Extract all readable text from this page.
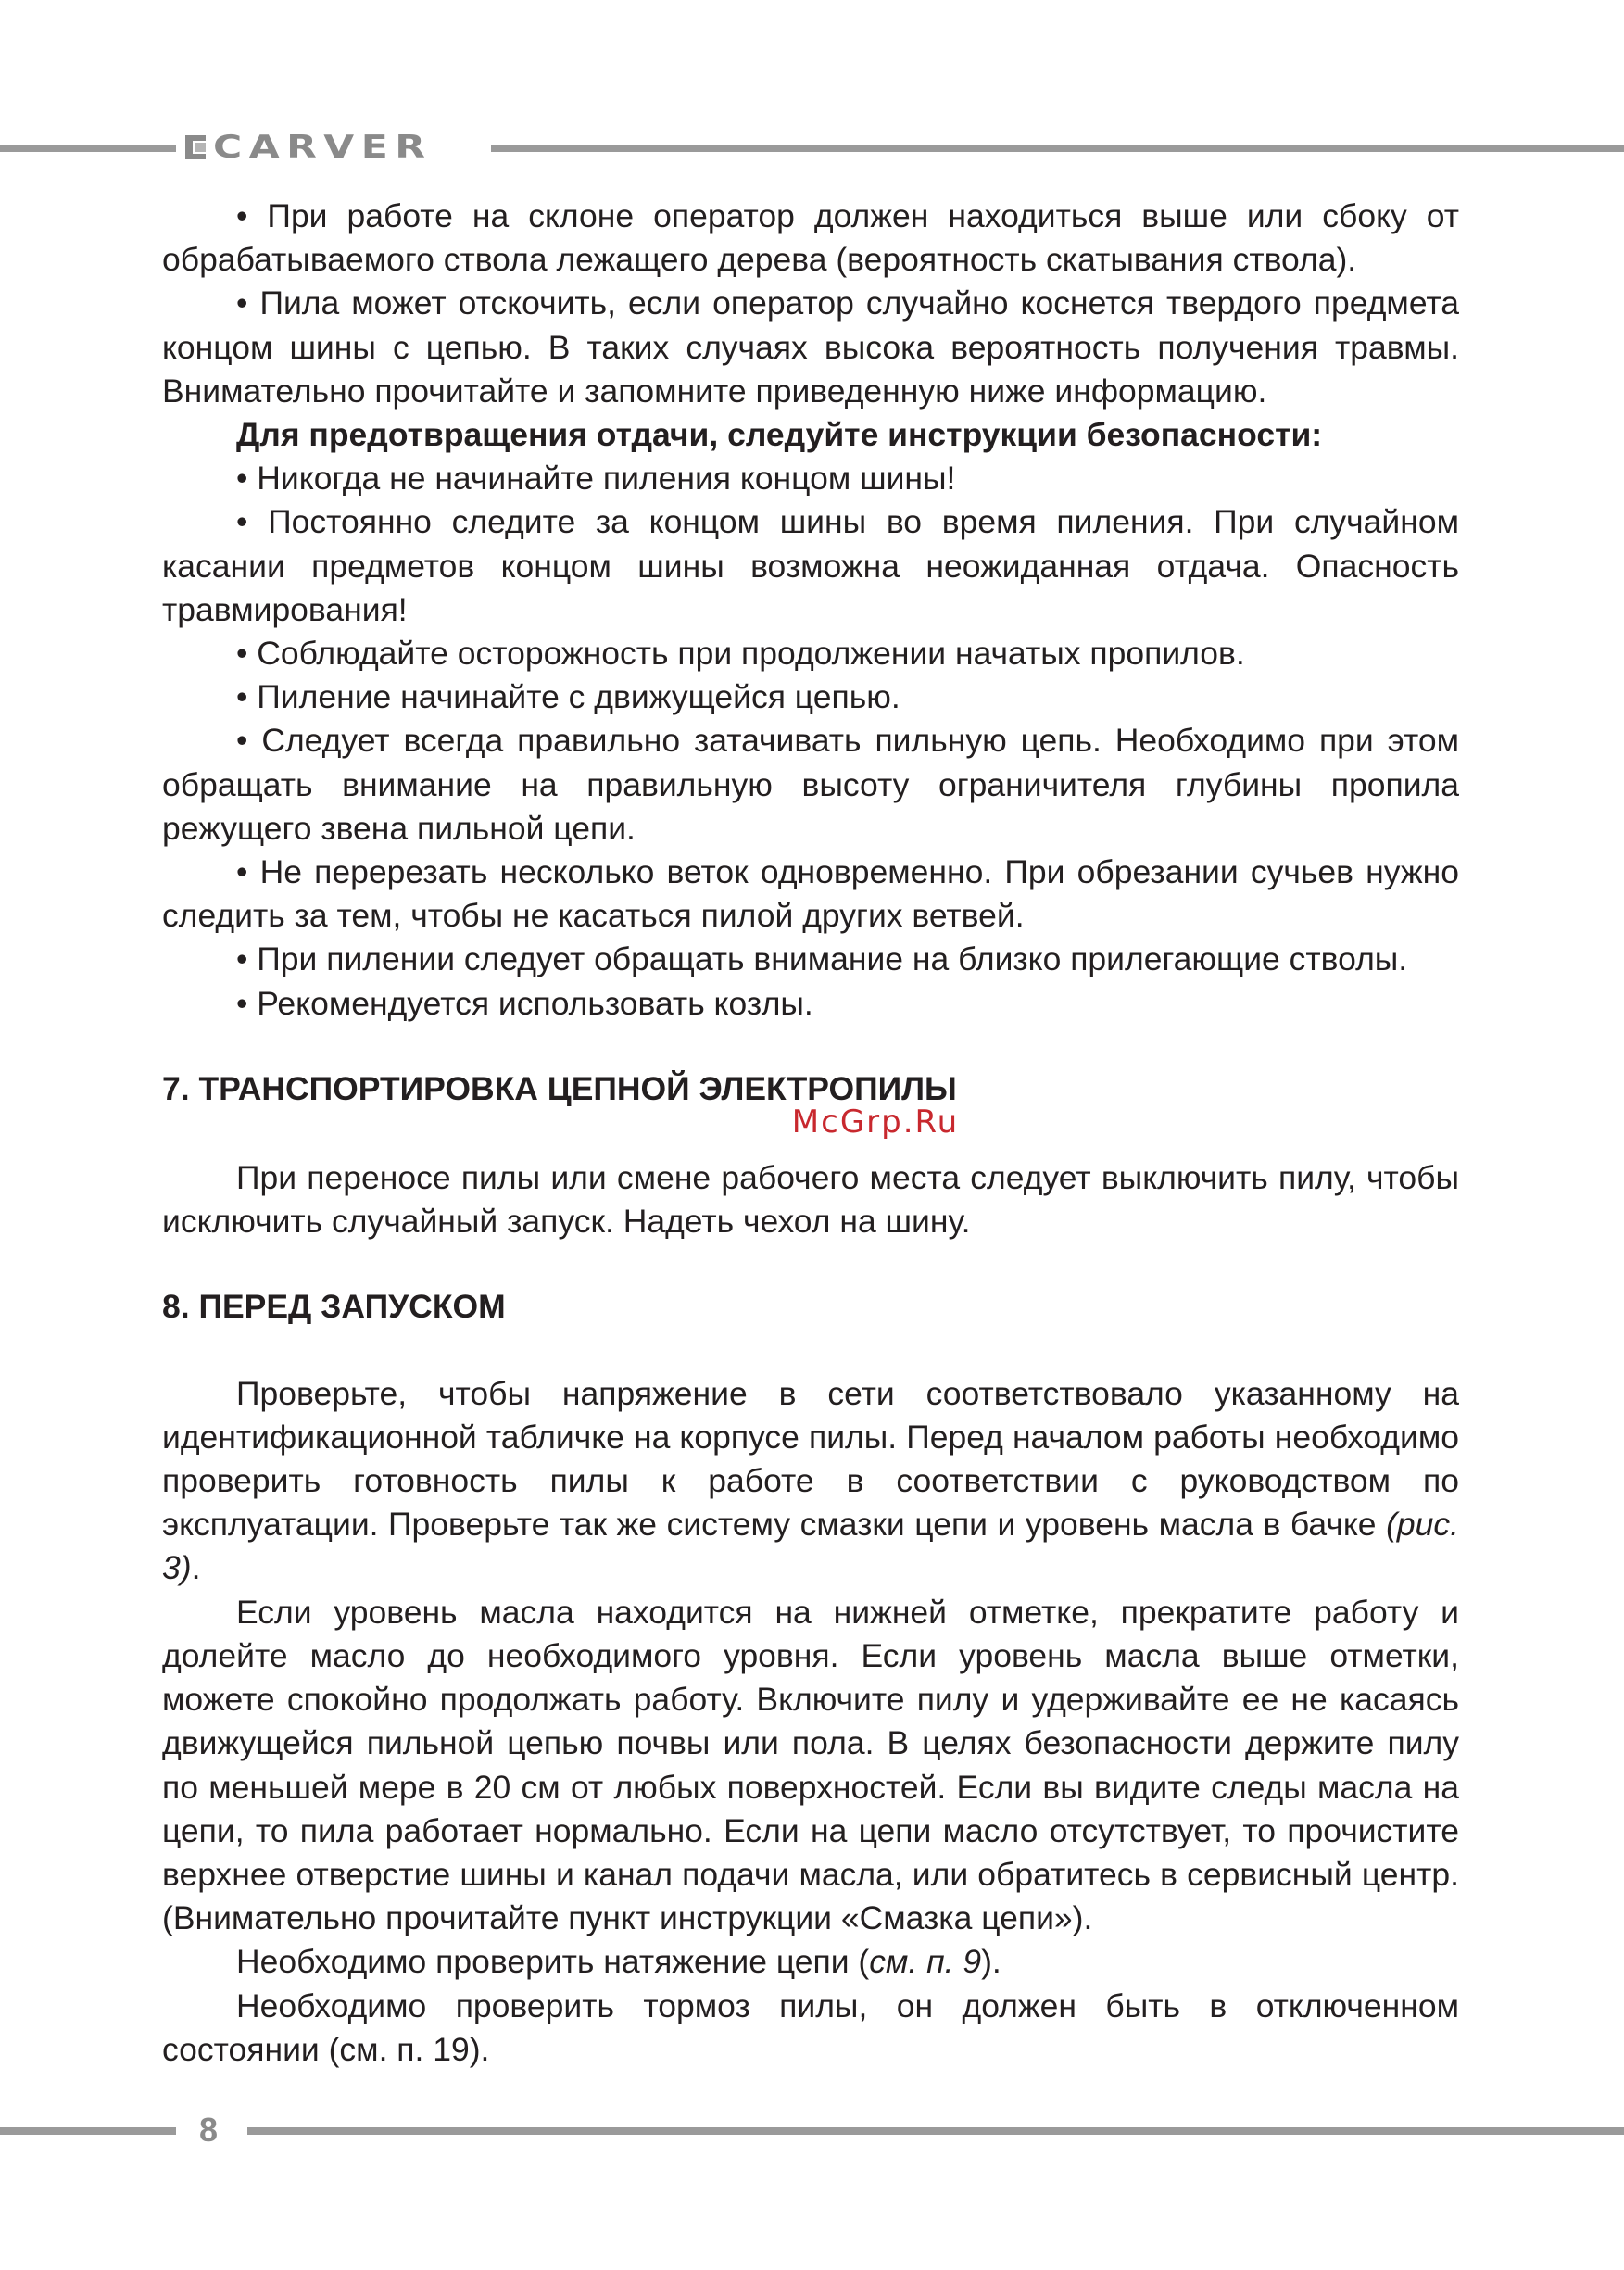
CARVER

• При работе на склоне оператор должен находиться выше или сбоку от обрабатываемого ствола лежащего дерева (вероятность скатывания ствола).

• Пила может отскочить, если оператор случайно коснется твердого предмета концом шины с цепью. В таких случаях высока вероятность получения травмы. Внимательно прочитайте и запомните приведенную ниже информацию.

Для предотвращения отдачи, следуйте инструкции безопасности:

• Никогда не начинайте пиления концом шины!

• Постоянно следите за концом шины во время пиления. При случайном касании предметов концом шины возможна неожиданная отдача. Опасность травмирования!

• Соблюдайте осторожность при продолжении начатых пропилов.

• Пиление начинайте с движущейся цепью.

• Следует всегда правильно затачивать пильную цепь. Необходимо при этом обращать внимание на правильную высоту ограничителя глубины пропила режущего звена пильной цепи.

• Не перерезать несколько веток одновременно. При обрезании сучьев нужно следить за тем, чтобы не касаться пилой других ветвей.

• При пилении следует обращать внимание на близко прилегающие стволы.

• Рекомендуется использовать козлы.

7. ТРАНСПОРТИРОВКА ЦЕПНОЙ ЭЛЕКТРОПИЛЫ

McGrp.Ru

При переносе пилы или смене рабочего места следует выключить пилу, чтобы исключить случайный запуск. Надеть чехол на шину.

8. ПЕРЕД ЗАПУСКОМ

Проверьте, чтобы напряжение в сети соответствовало указанному на идентификационной табличке на корпусе пилы. Перед началом работы необходимо проверить готовность пилы к работе в соответствии с руководством по эксплуатации. Проверьте так же систему смазки цепи и уровень масла в бачке (рис. 3).

Если уровень масла находится на нижней отметке, прекратите работу и долейте масло до необходимого уровня. Если уровень масла выше отметки, можете спокойно продолжать работу. Включите пилу и удерживайте ее не касаясь движущейся пильной цепью почвы или пола. В целях безопасности держите пилу по меньшей мере в 20 см от любых поверхностей. Если вы видите следы масла на цепи, то пила работает нормально. Если на цепи масло отсутствует, то прочистите верхнее отверстие шины и канал подачи масла, или обратитесь в сервисный центр. (Внимательно прочитайте пункт инструкции «Смазка цепи»).

Необходимо проверить натяжение цепи (см. п. 9).

Необходимо проверить тормоз пилы, он должен быть в отключенном состоянии (см. п. 19).

8
